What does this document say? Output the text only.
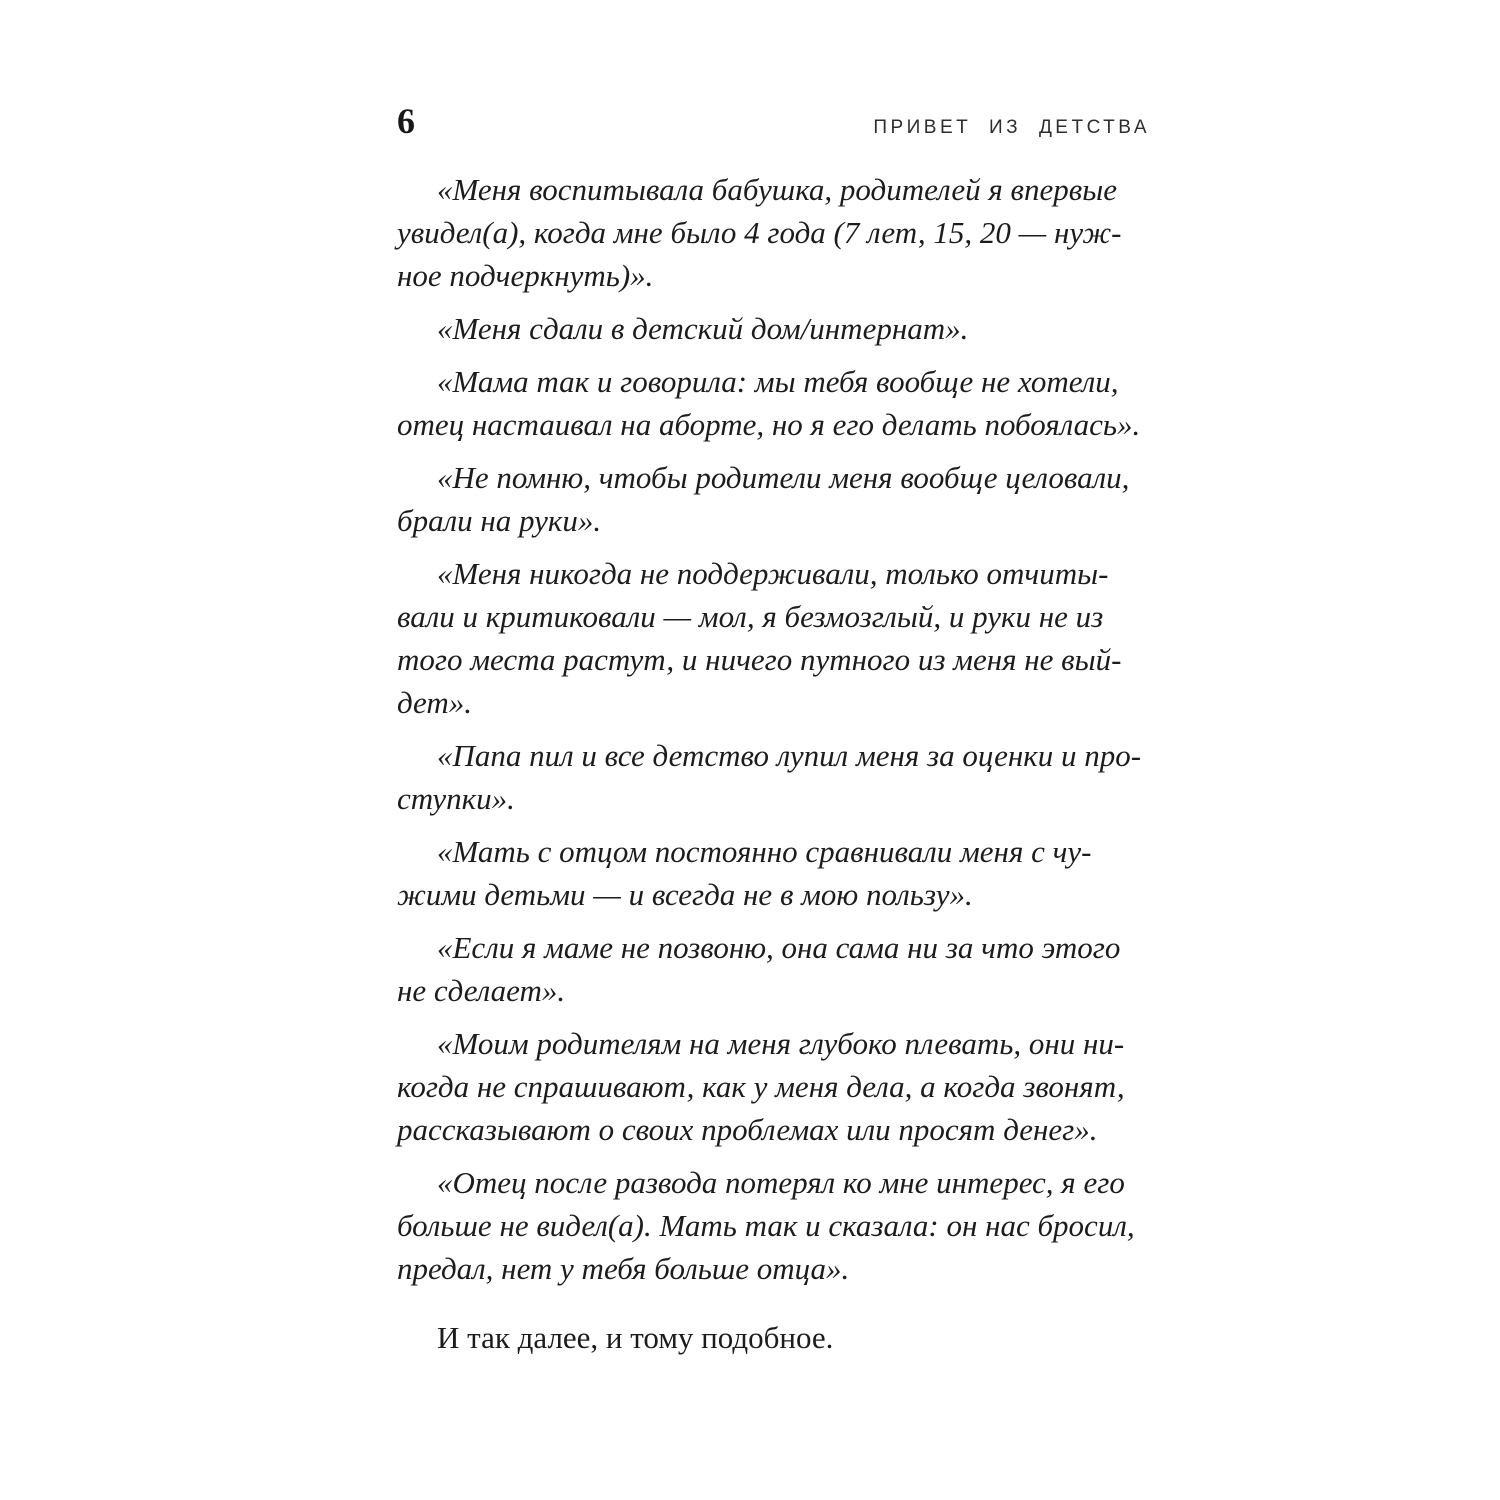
6	ПРИВЕТ ИЗ ДЕТСТВА

«Меня воспитывала бабушка, родителей я впервые
увидел(а), когда мне было 4 года (7 лет, 15, 20 — нуж-
ное подчеркнуть)».

«Меня сдали в детский дом/интернат».

«Мама так и говорила: мы тебя вообще не хотели,
отец настаивал на аборте, но я его делать побоялась».

«Не помню, чтобы родители меня вообще целовали,
брали на руки».

«Меня никогда не поддерживали, только отчиты-
вали и критиковали — мол, я безмозглый, и руки не из
того места растут, и ничего путного из меня не вый-
дет».

«Папа пил и все детство лупил меня за оценки и про-
ступки».

«Мать с отцом постоянно сравнивали меня с чу-
жими детьми — и всегда не в мою пользу».

«Если я маме не позвоню, она сама ни за что этого
не сделает».

«Моим родителям на меня глубоко плевать, они ни-
когда не спрашивают, как у меня дела, а когда звонят,
рассказывают о своих проблемах или просят денег».

«Отец после развода потерял ко мне интерес, я его
больше не видел(а). Мать так и сказала: он нас бросил,
предал, нет у тебя больше отца».

И так далее, и тому подобное.
